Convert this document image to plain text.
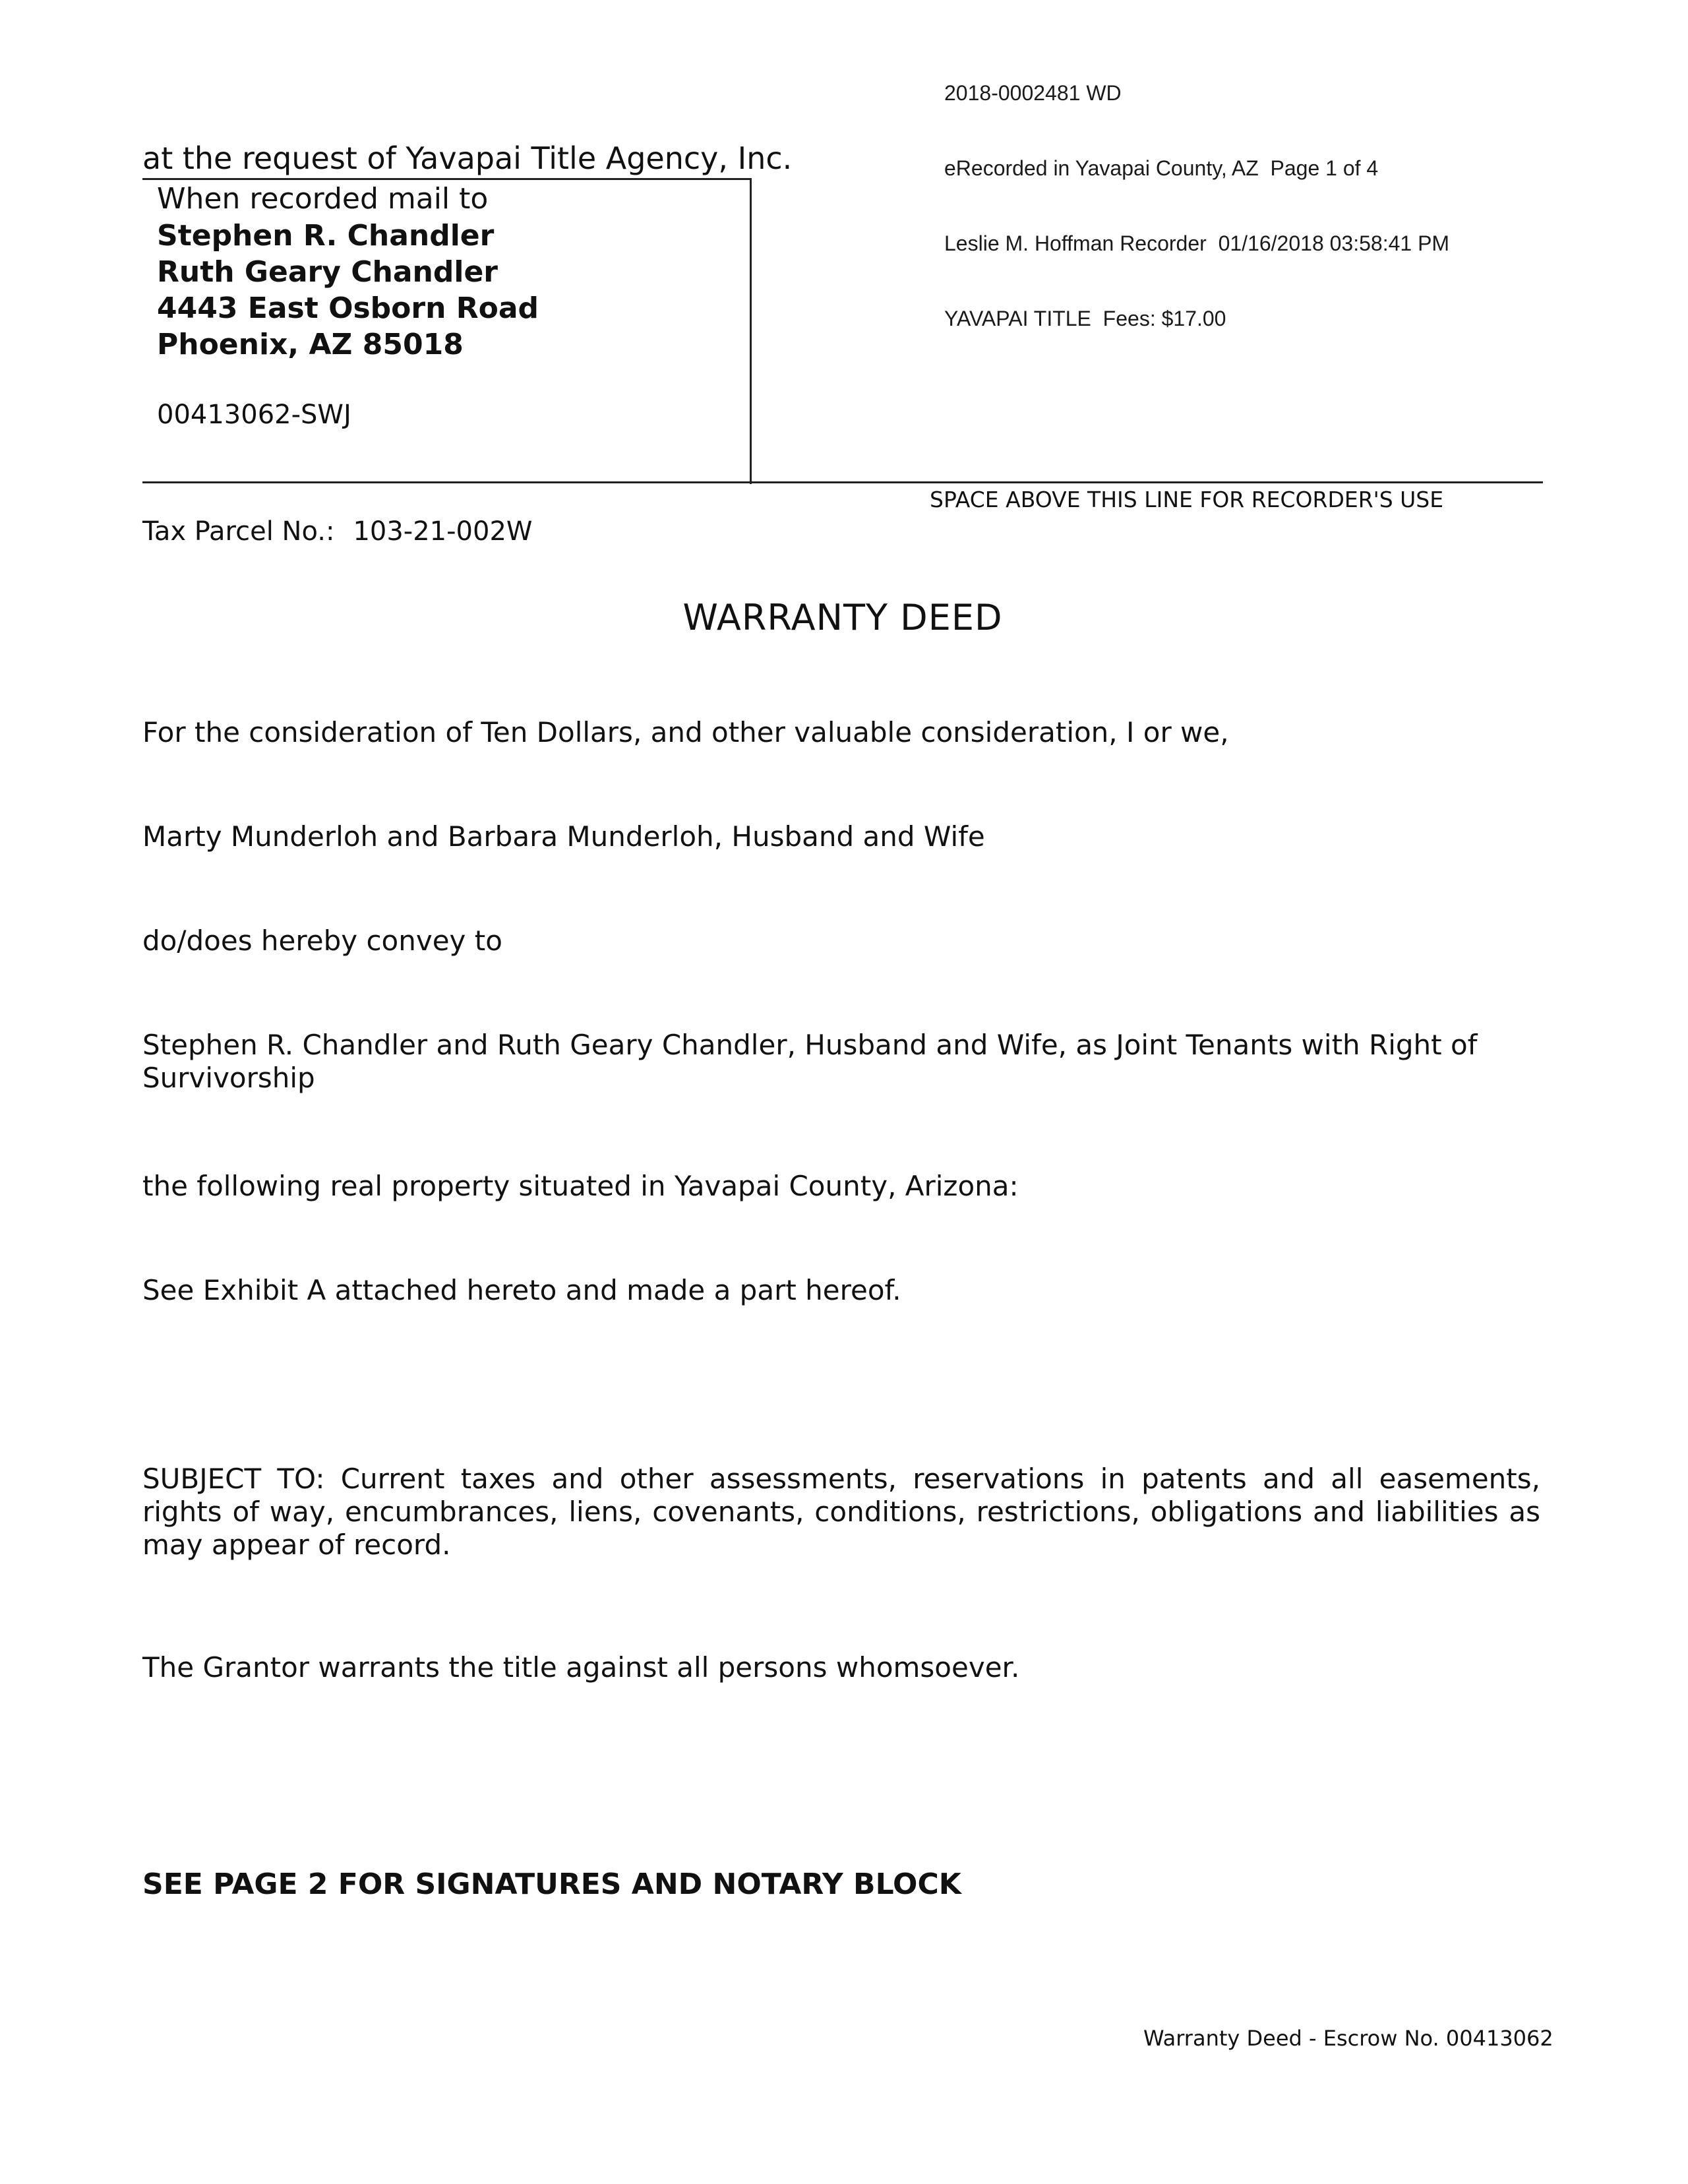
2018-0002481 WD

eRecorded in Yavapai County, AZ  Page 1 of 4

Leslie M. Hoffman Recorder  01/16/2018 03:58:41 PM

YAVAPAI TITLE  Fees: $17.00

at the request of Yavapai Title Agency, Inc.
When recorded mail to
Stephen R. Chandler
Ruth Geary Chandler
4443 East Osborn Road
Phoenix, AZ 85018
00413062-SWJ
SPACE ABOVE THIS LINE FOR RECORDER'S USE
Tax Parcel No.: 103-21-002W
WARRANTY DEED
For the consideration of Ten Dollars, and other valuable consideration, I or we,
Marty Munderloh and Barbara Munderloh, Husband and Wife
do/does hereby convey to
Stephen R. Chandler and Ruth Geary Chandler, Husband and Wife, as Joint Tenants with Right of Survivorship
the following real property situated in Yavapai County, Arizona:
See Exhibit A attached hereto and made a part hereof.
SUBJECT TO: Current taxes and other assessments, reservations in patents and all easements, rights of way, encumbrances, liens, covenants, conditions, restrictions, obligations and liabilities as may appear of record.
The Grantor warrants the title against all persons whomsoever.
SEE PAGE 2 FOR SIGNATURES AND NOTARY BLOCK
Warranty Deed - Escrow No. 00413062
